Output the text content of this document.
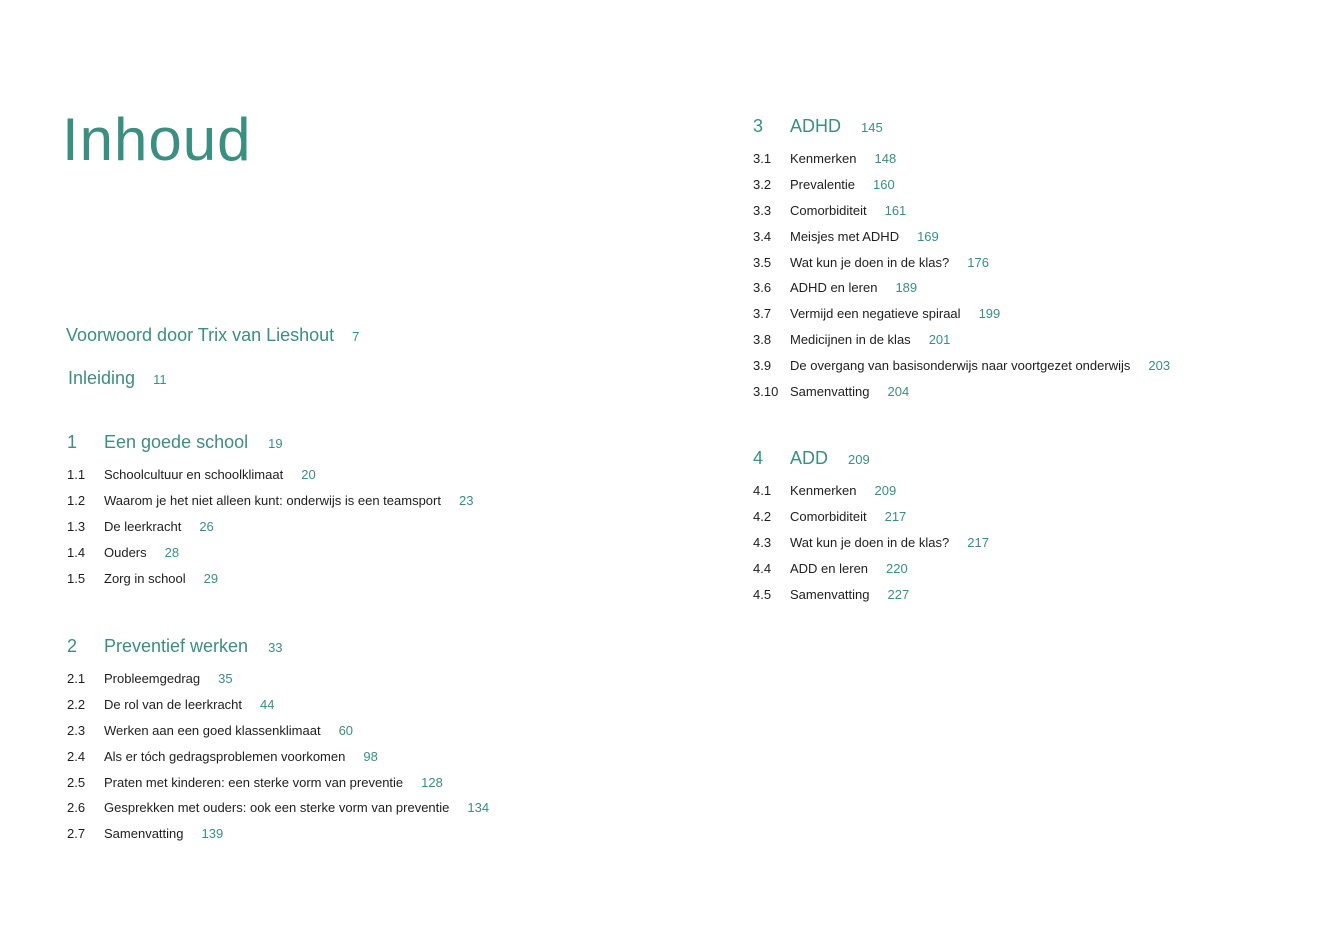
Inhoud
Voorwoord door Trix van Lieshout 7
Inleiding 11
1 Een goede school 19
1.1 Schoolcultuur en schoolklimaat 20
1.2 Waarom je het niet alleen kunt: onderwijs is een teamsport 23
1.3 De leerkracht 26
1.4 Ouders 28
1.5 Zorg in school 29
2 Preventief werken 33
2.1 Probleemgedrag 35
2.2 De rol van de leerkracht 44
2.3 Werken aan een goed klassenklimaat 60
2.4 Als er tóch gedragsproblemen voorkomen 98
2.5 Praten met kinderen: een sterke vorm van preventie 128
2.6 Gesprekken met ouders: ook een sterke vorm van preventie 134
2.7 Samenvatting 139
3 ADHD 145
3.1 Kenmerken 148
3.2 Prevalentie 160
3.3 Comorbiditeit 161
3.4 Meisjes met ADHD 169
3.5 Wat kun je doen in de klas? 176
3.6 ADHD en leren 189
3.7 Vermijd een negatieve spiraal 199
3.8 Medicijnen in de klas 201
3.9 De overgang van basisonderwijs naar voortgezet onderwijs 203
3.10 Samenvatting 204
4 ADD 209
4.1 Kenmerken 209
4.2 Comorbiditeit 217
4.3 Wat kun je doen in de klas? 217
4.4 ADD en leren 220
4.5 Samenvatting 227
